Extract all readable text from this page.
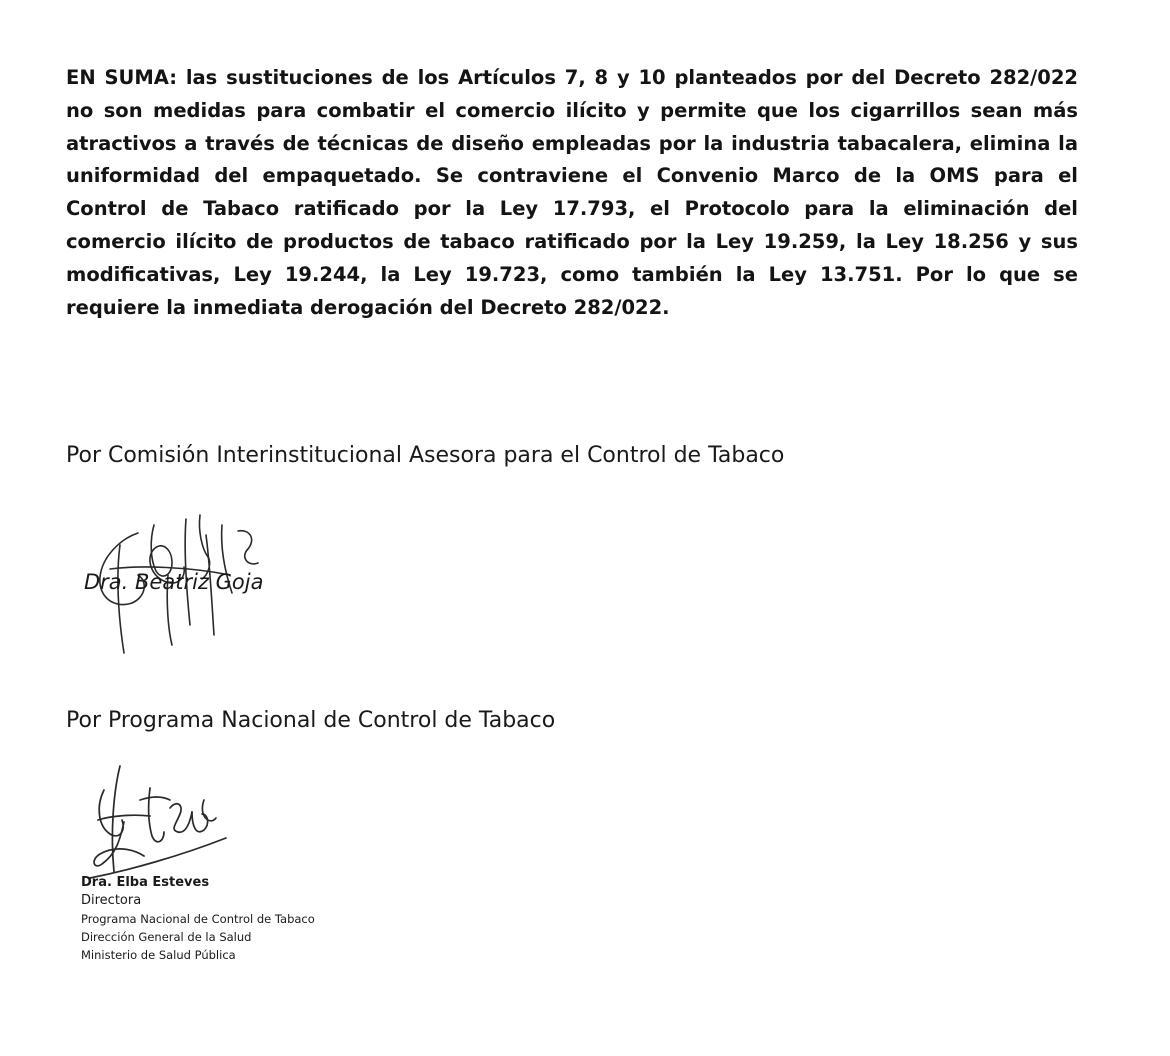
EN SUMA: las sustituciones de los Artículos 7, 8 y 10 planteados por del Decreto 282/022
no son medidas para combatir el comercio ilícito y permite que los cigarrillos sean más
atractivos a través de técnicas de diseño empleadas por la industria tabacalera, elimina la
uniformidad del empaquetado. Se contraviene el Convenio Marco de la OMS para el
Control de Tabaco ratificado por la Ley 17.793, el Protocolo para la eliminación del
comercio ilícito de productos de tabaco ratificado por la Ley 19.259, la Ley 18.256 y sus
modificativas, Ley 19.244, la Ley 19.723, como también la Ley 13.751. Por lo que se
requiere la inmediata derogación del Decreto 282/022.

Por Comisión Interinstitucional Asesora para el Control de Tabaco

Dra. Beatriz Goja

Por Programa Nacional de Control de Tabaco

Dra. Elba Esteves
Directora
Programa Nacional de Control de Tabaco
Dirección General de la Salud
Ministerio de Salud Pública
